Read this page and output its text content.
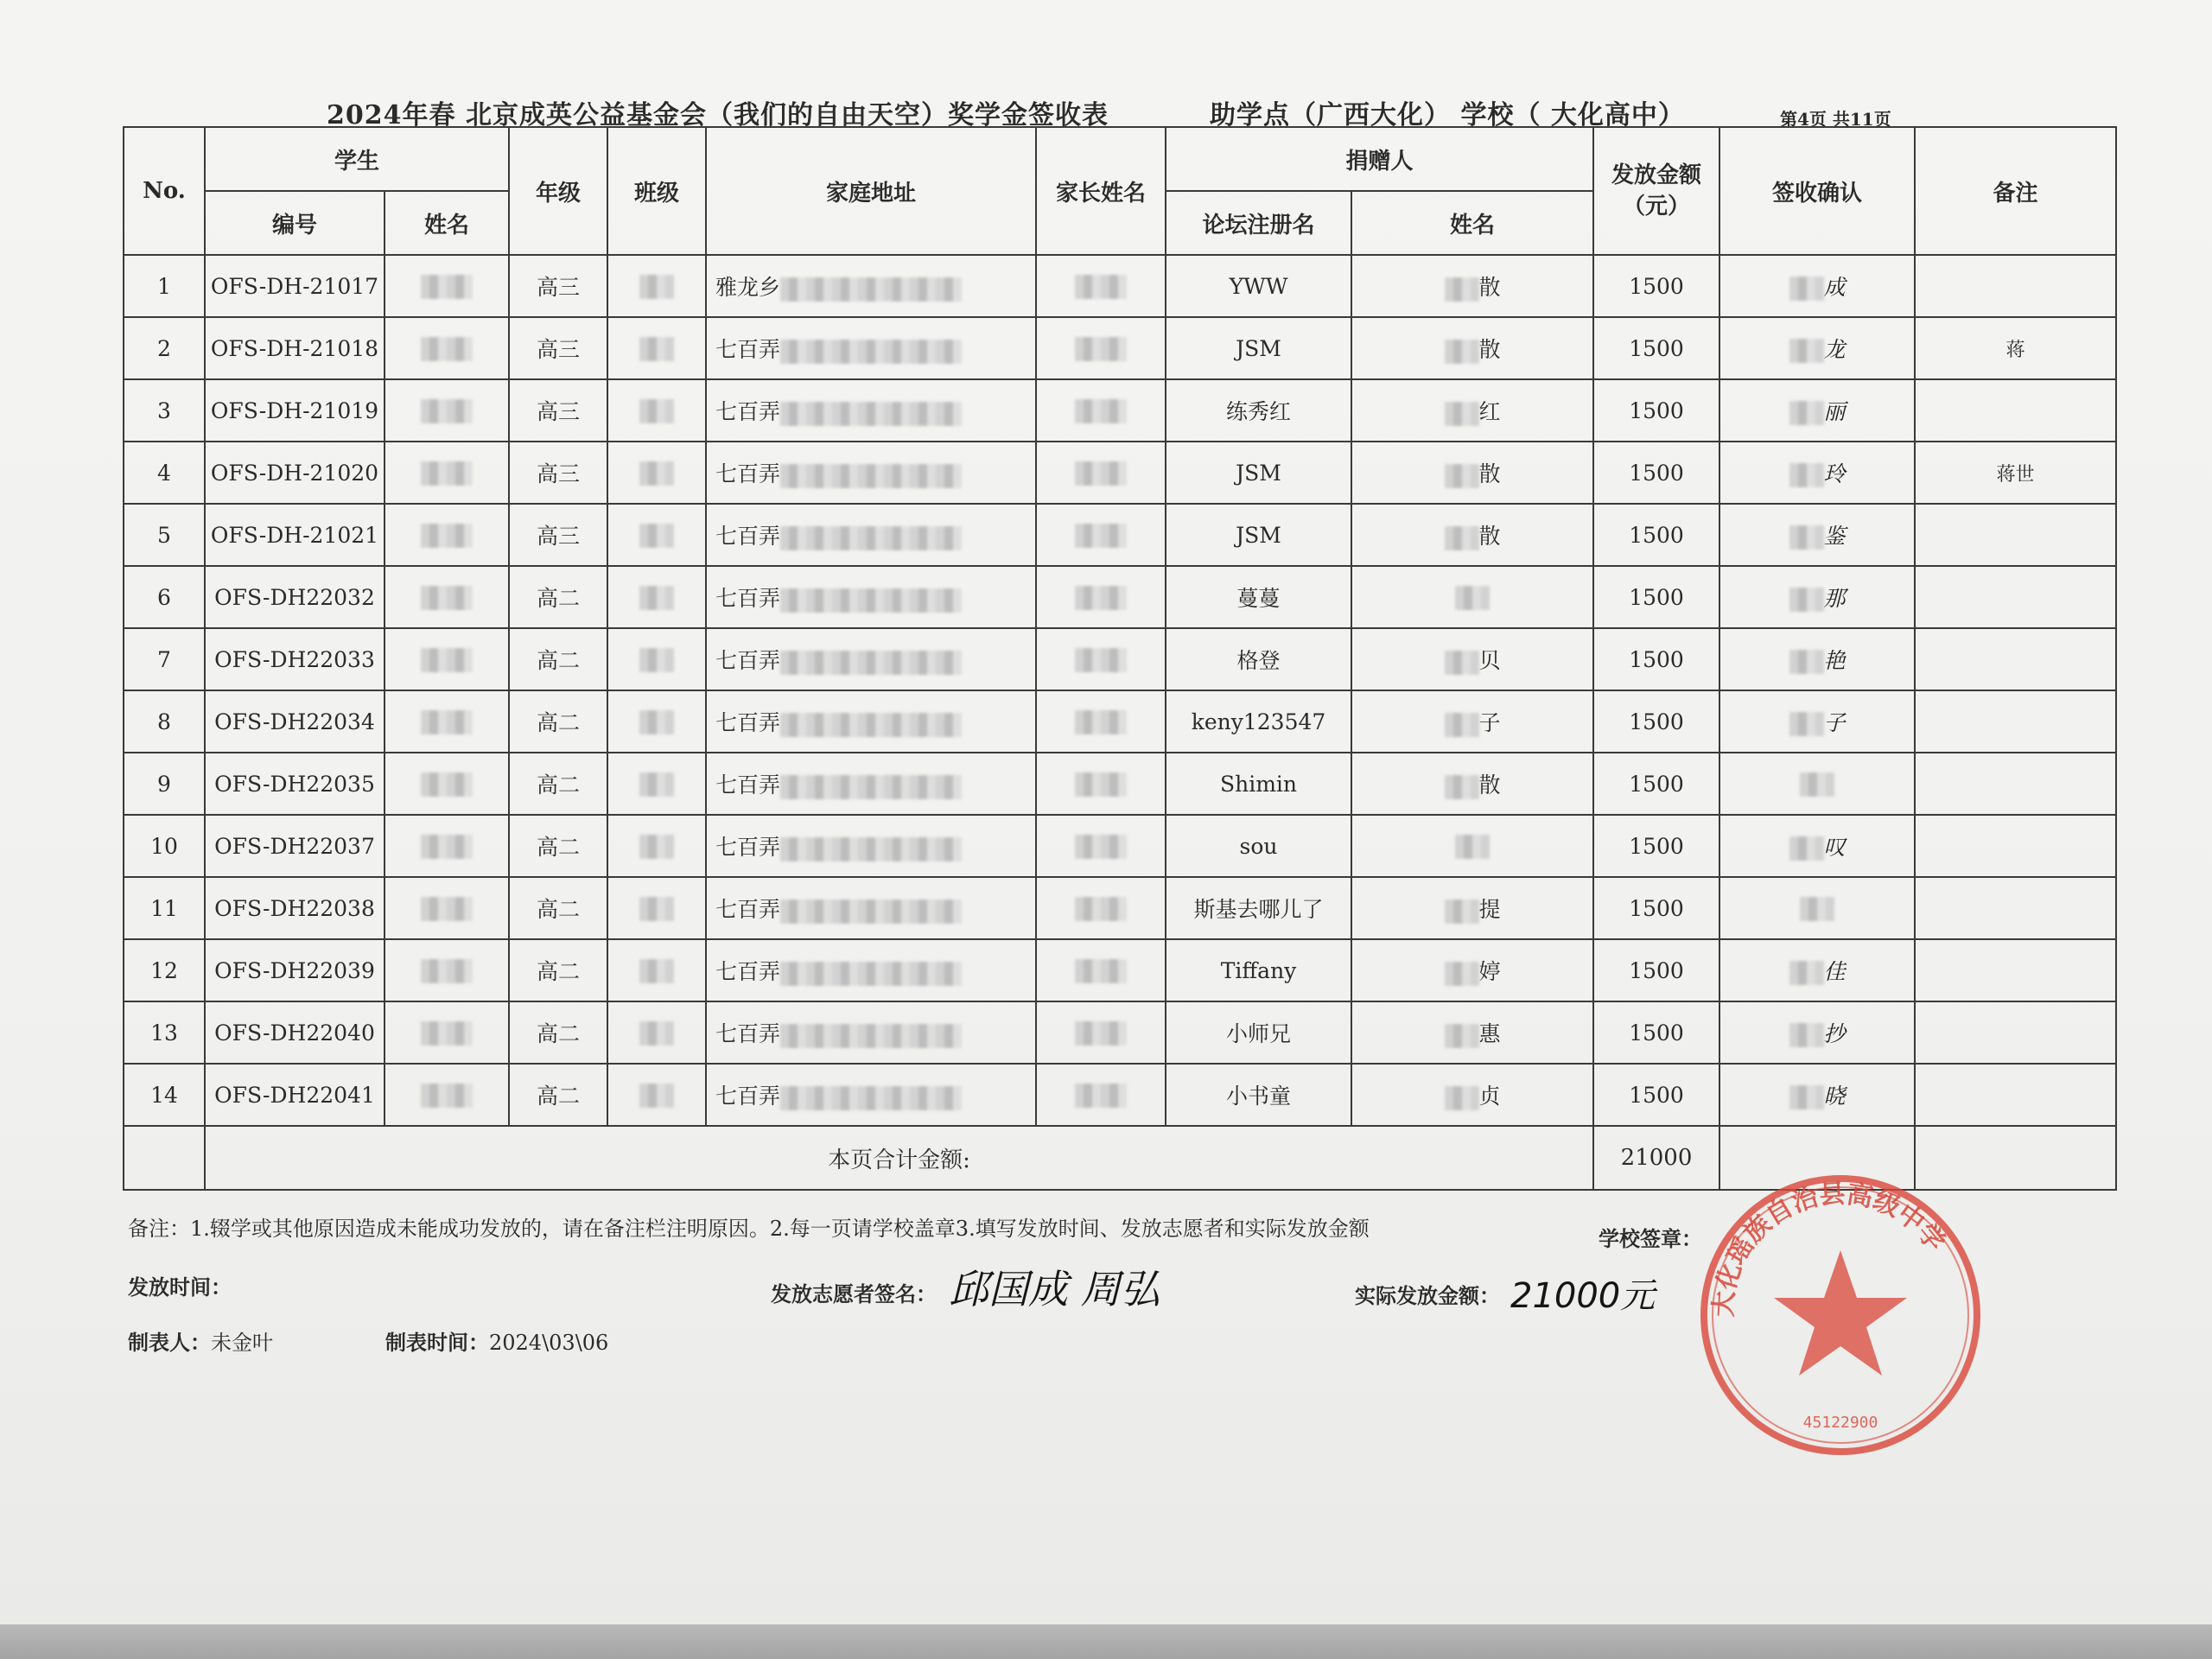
2024年春 北京成英公益基金会（我们的自由天空）奖学金签收表	助学点（广西大化） 学校（ 大化高中）	第4页 共11页
No.	学生		年级	班级	家庭地址	家长姓名	捐赠人		发放金额（元）	签收确认	备注
	编号	姓名					论坛注册名	姓名			
1	OFS-DH-21017		高三		雅龙乡		YWW	散	1500	成	
2	OFS-DH-21018		高三		七百弄		JSM	散	1500	龙	蒋
3	OFS-DH-21019		高三		七百弄		练秀红	红	1500	丽	
4	OFS-DH-21020		高三		七百弄		JSM	散	1500	玲	蒋世
5	OFS-DH-21021		高三		七百弄		JSM	散	1500	鉴	
6	OFS-DH22032		高二		七百弄		蔓蔓		1500	那	
7	OFS-DH22033		高二		七百弄		格登	贝	1500	艳	
8	OFS-DH22034		高二		七百弄		keny123547	子	1500	子	
9	OFS-DH22035		高二		七百弄		Shimin	散	1500		
10	OFS-DH22037		高二		七百弄		sou		1500	叹	
11	OFS-DH22038		高二		七百弄		斯基去哪儿了	提	1500		
12	OFS-DH22039		高二		七百弄		Tiffany	婷	1500	佳	
13	OFS-DH22040		高二		七百弄		小师兄	惠	1500	抄	
14	OFS-DH22041		高二		七百弄		小书童	贞	1500	晓	
	本页合计金额:								21000		
备注：1.辍学或其他原因造成未能成功发放的，请在备注栏注明原因。2.每一页请学校盖章3.填写发放时间、发放志愿者和实际发放金额	学校签章：
发放时间：	发放志愿者签名： 邱国成 周弘	实际发放金额： 21000元
制表人：未金叶	制表时间：2024\03\06
大化瑶族自治县高级中学
45122900
